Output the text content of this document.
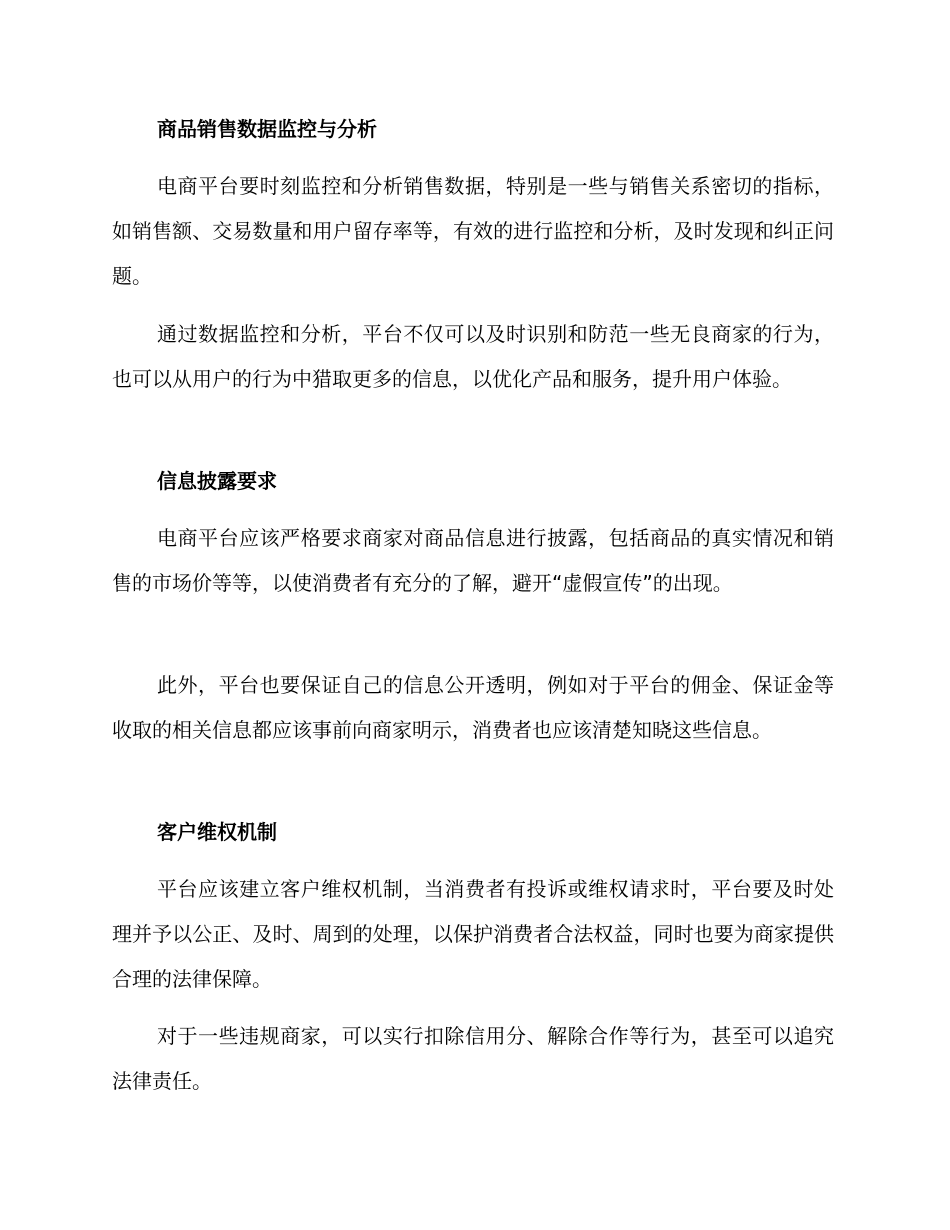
商品销售数据监控与分析

电商平台要时刻监控和分析销售数据，特别是一些与销售关系密切的指标，如销售额、交易数量和用户留存率等，有效的进行监控和分析，及时发现和纠正问题。

通过数据监控和分析，平台不仅可以及时识别和防范一些无良商家的行为，也可以从用户的行为中猎取更多的信息，以优化产品和服务，提升用户体验。

信息披露要求

电商平台应该严格要求商家对商品信息进行披露，包括商品的真实情况和销售的市场价等等，以使消费者有充分的了解，避开“虚假宣传”的出现。

此外，平台也要保证自己的信息公开透明，例如对于平台的佣金、保证金等收取的相关信息都应该事前向商家明示，消费者也应该清楚知晓这些信息。

客户维权机制

平台应该建立客户维权机制，当消费者有投诉或维权请求时，平台要及时处理并予以公正、及时、周到的处理，以保护消费者合法权益，同时也要为商家提供合理的法律保障。

对于一些违规商家，可以实行扣除信用分、解除合作等行为，甚至可以追究法律责任。
